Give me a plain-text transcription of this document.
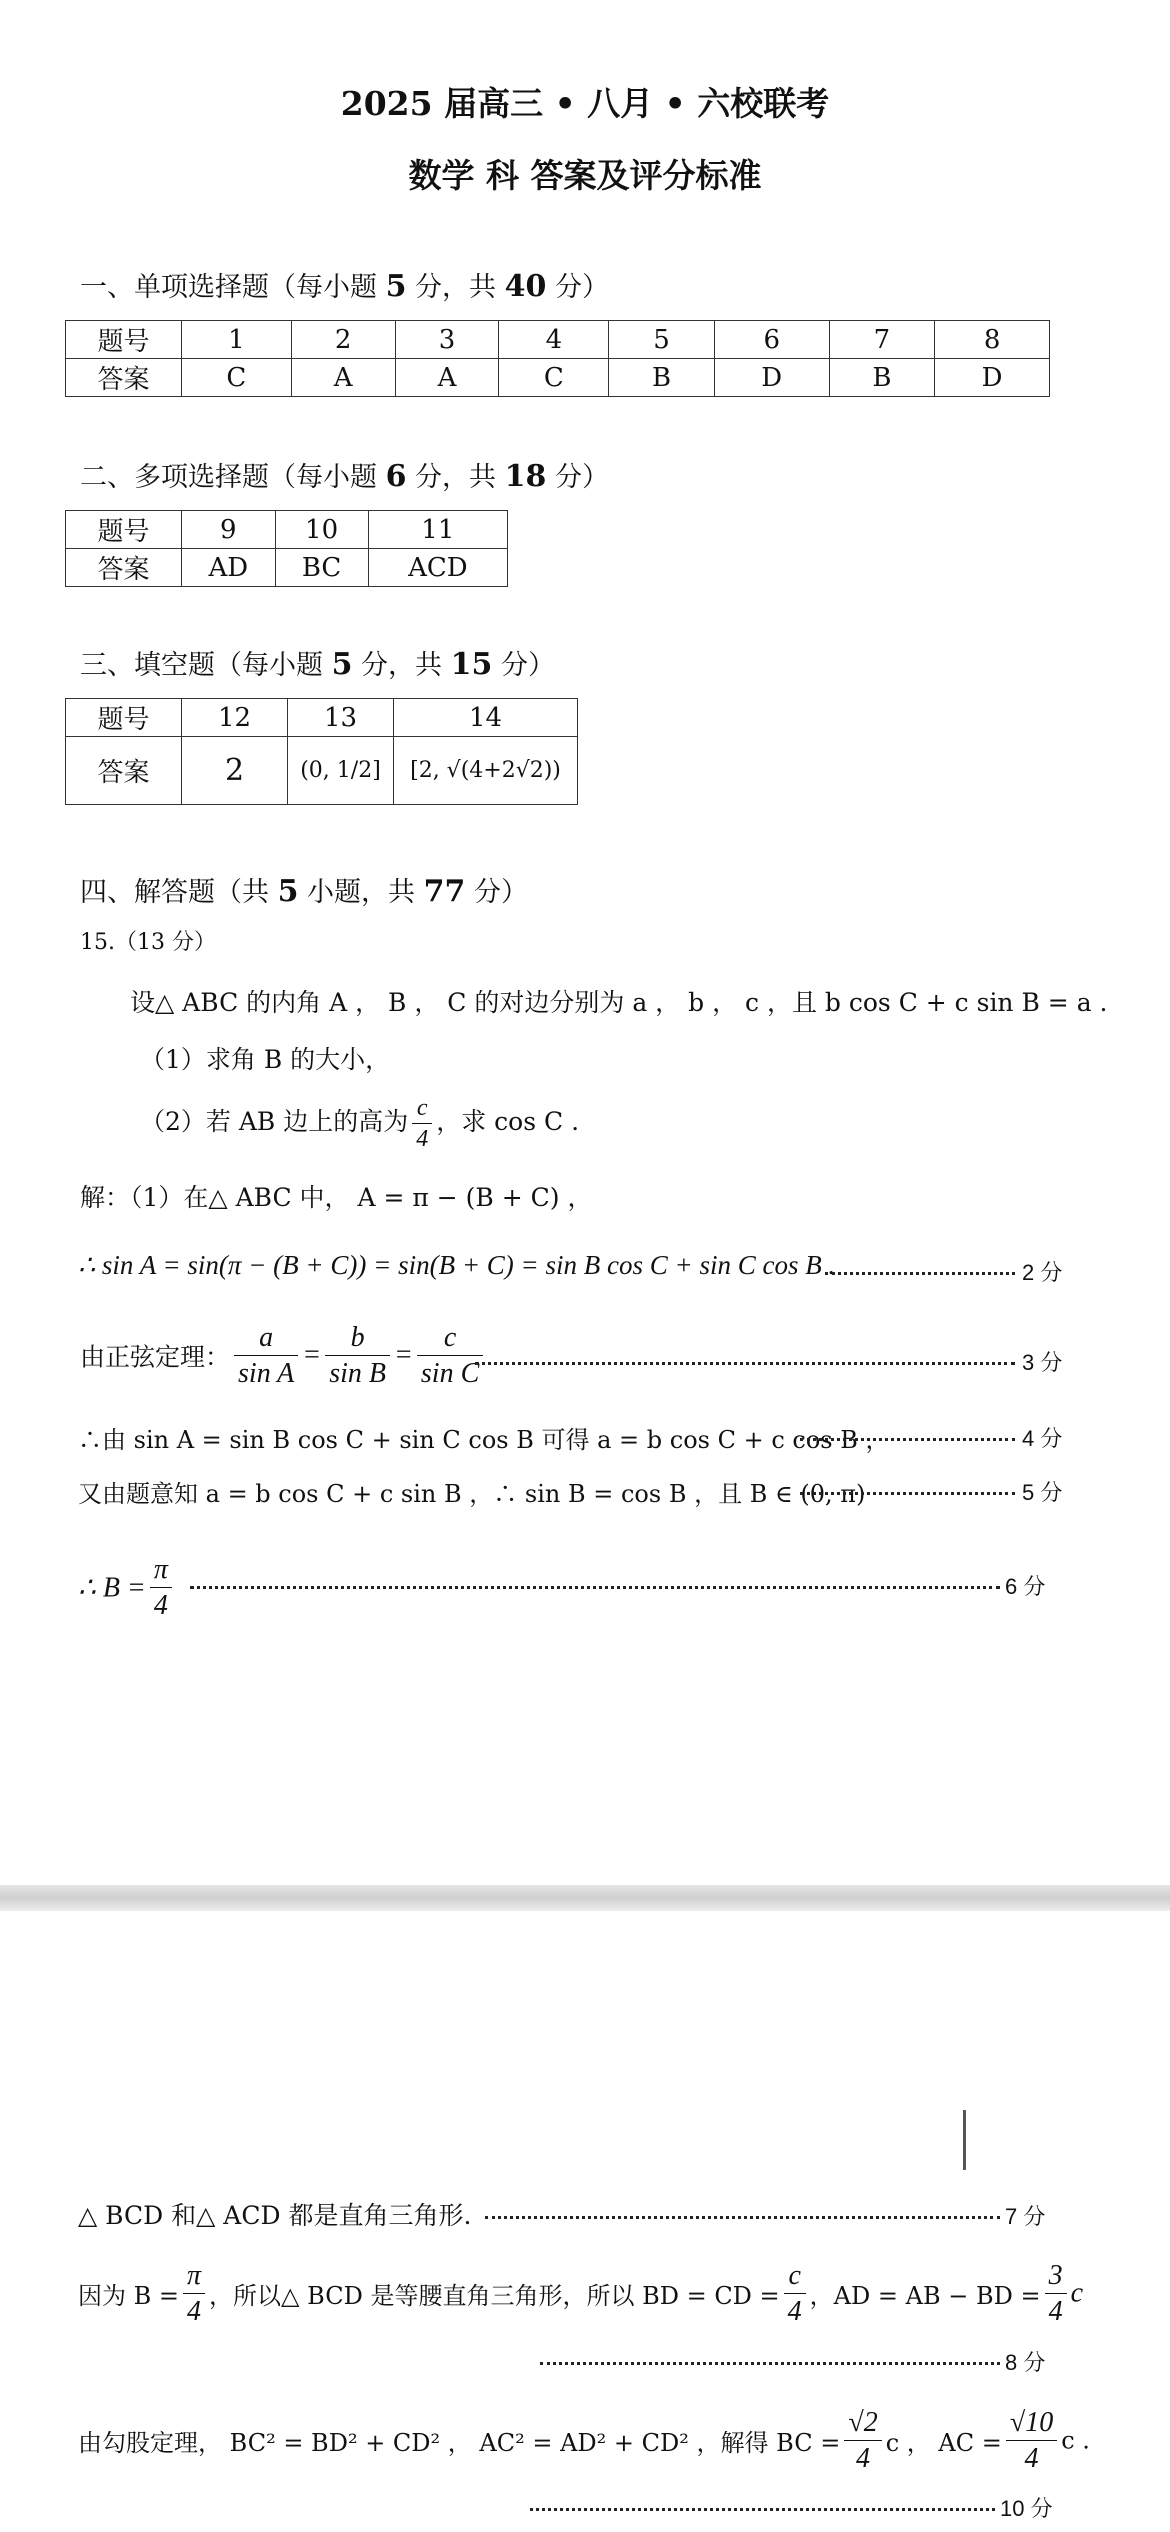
2025 届高三 • 八月 • 六校联考
数学 科 答案及评分标准
一、单项选择题（每小题 5 分，共 40 分）
题号	1	2	3	4	5	6	7	8
答案	C	A	A	C	B	D	B	D
二、多项选择题（每小题 6 分，共 18 分）
题号	9	10	11
答案	AD	BC	ACD
三、填空题（每小题 5 分，共 15 分）
题号	12	13	14
答案	2	(0, 1/2]	[2, √(4+2√2))
四、解答题（共 5 小题，共 77 分）
15.（13 分）
设△ ABC 的内角 A ， B ， C 的对边分别为 a ， b ， c ，且 b cos C + c sin B = a .
（1）求角 B 的大小，
（2）若 AB 边上的高为 $\frac{c}{4}$ ，求 cos C .
解：（1）在△ ABC 中， A = π − (B + C) ，
∴ sin A = sin(π − (B + C)) = sin(B + C) = sin B cos C + sin C cos B .	2 分
由正弦定理： $\frac{a}{\text{sin A}} = \frac{b}{\text{sin B}} = \frac{c}{\text{sin C}}$	3 分
∴由 sin A = sin B cos C + sin C cos B 可得 a = b cos C + c cos B ，	4 分
又由题意知 a = b cos C + c sin B ，∴ sin B = cos B ，且 B ∈ (0, π)	5 分
∴ $B = \frac{\pi}{4}$	6 分
△ BCD 和△ ACD 都是直角三角形.	7 分
因为 $B = \frac{\pi}{4}$ ，所以△ BCD 是等腰直角三角形，所以 BD = CD = $\frac{c}{4}$ ，AD = AB − BD = $\frac{3}{4}$ c
8 分
由勾股定理， BC² = BD² + CD² ， AC² = AD² + CD² ，解得 BC = $\frac{√2}{4}$ c ， AC = $\frac{√10}{4}$ c .
10 分
